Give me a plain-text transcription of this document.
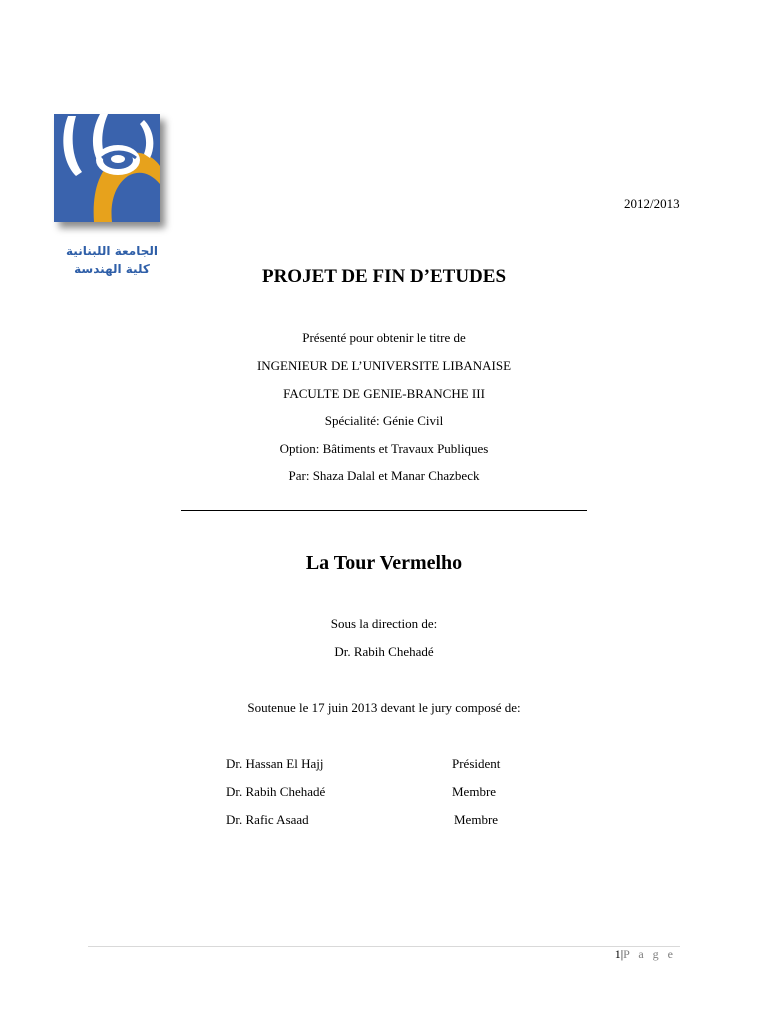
الجامعة اللبنانية
كلية الهندسة
2012/2013
PROJET DE FIN D’ETUDES
Présenté pour obtenir le titre de
INGENIEUR DE L’UNIVERSITE LIBANAISE
FACULTE DE GENIE-BRANCHE III
Spécialité: Génie Civil
Option: Bâtiments et Travaux Publiques
Par: Shaza Dalal et Manar Chazbeck
La Tour Vermelho
Sous la direction de:
Dr. Rabih Chehadé
Soutenue le 17 juin 2013 devant le jury composé de:
Dr. Hassan El Hajj	Président
Dr. Rabih Chehadé	Membre
Dr. Rafic Asaad	Membre
1|P a g e
